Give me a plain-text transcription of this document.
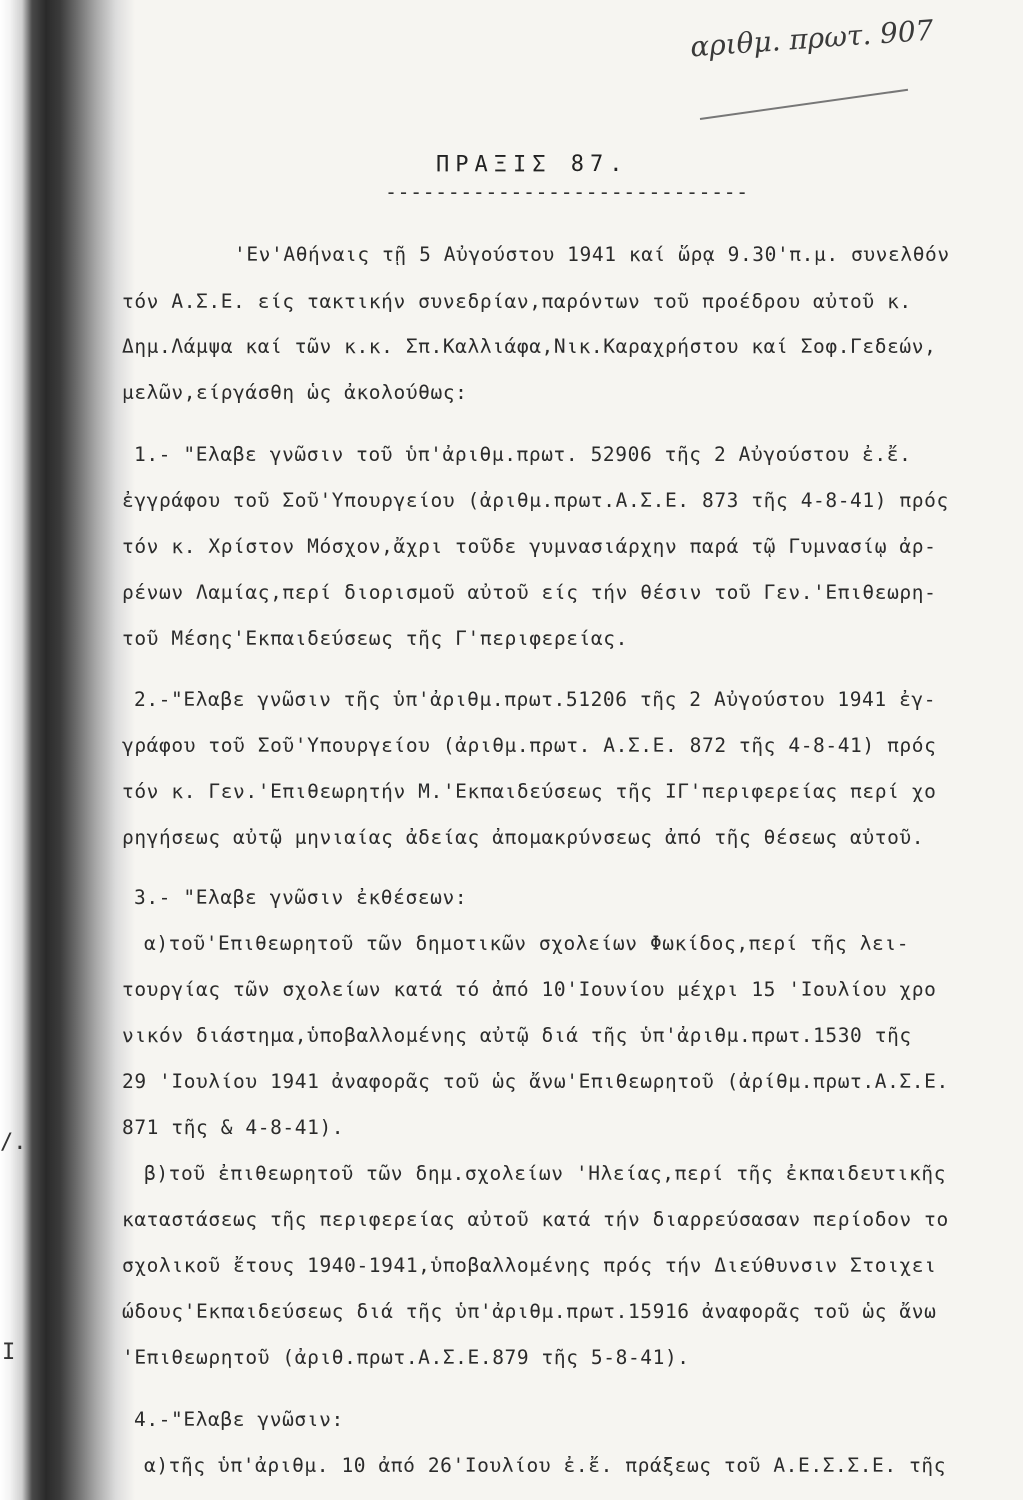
/.
I
αριθμ. πρωτ. 907
ΠΡΑΞΙΣ 87.
-----------------------------
'Εν'Αθήναις τῇ 5 Αὐγούστου 1941 καί ὥρᾳ 9.30'π.μ. συνελθόν
τόν Α.Σ.Ε. είς τακτικήν συνεδρίαν,παρόντων τοῦ προέδρου αὐτοῦ κ.
Δημ.Λάμψα καί τῶν κ.κ. Σπ.Καλλιάφα,Νικ.Καραχρήστου καί Σοφ.Γεδεών,
μελῶν,είργάσθη ὡς ἀκολούθως:
1.- "Ελαβε γνῶσιν τοῦ ὑπ'ἀριθμ.πρωτ. 52906 τῆς 2 Αὐγούστου ἐ.ἔ.
ἐγγράφου τοῦ Σοῦ'Υπουργείου (ἀριθμ.πρωτ.Α.Σ.Ε. 873 τῆς 4-8-41) πρός
τόν κ. Χρίστον Μόσχον,ἄχρι τοῦδε γυμνασιάρχην παρά τῷ Γυμνασίῳ ἀρ-
ρένων Λαμίας,περί διορισμοῦ αὐτοῦ είς τήν θέσιν τοῦ Γεν.'Επιθεωρη-
τοῦ Μέσης'Εκπαιδεύσεως τῆς Γ'περιφερείας.
2.-"Ελαβε γνῶσιν τῆς ὑπ'ἀριθμ.πρωτ.51206 τῆς 2 Αὐγούστου 1941 ἐγ-
γράφου τοῦ Σοῦ'Υπουργείου (ἀριθμ.πρωτ. Α.Σ.Ε. 872 τῆς 4-8-41) πρός
τόν κ. Γεν.'Επιθεωρητήν Μ.'Εκπαιδεύσεως τῆς ΙΓ'περιφερείας περί χο
ρηγήσεως αὐτῷ μηνιαίας ἀδείας ἀπομακρύνσεως ἀπό τῆς θέσεως αὐτοῦ.
3.- "Ελαβε γνῶσιν ἐκθέσεων:
α)τοῦ'Επιθεωρητοῦ τῶν δημοτικῶν σχολείων Φωκίδος,περί τῆς λει-
τουργίας τῶν σχολείων κατά τό ἀπό 10'Ιουνίου μέχρι 15 'Ιουλίου χρο
νικόν διάστημα,ὑποβαλλομένης αὐτῷ διά τῆς ὑπ'ἀριθμ.πρωτ.1530 τῆς
29 'Ιουλίου 1941 ἀναφορᾶς τοῦ ὡς ἄνω'Επιθεωρητοῦ (ἀρίθμ.πρωτ.Α.Σ.Ε.
871 τῆς & 4-8-41).
β)τοῦ ἐπιθεωρητοῦ τῶν δημ.σχολείων 'Ηλείας,περί τῆς ἐκπαιδευτικῆς
καταστάσεως τῆς περιφερείας αὐτοῦ κατά τήν διαρρεύσασαν περίοδον το
σχολικοῦ ἔτους 1940-1941,ὑποβαλλομένης πρός τήν Διεύθυνσιν Στοιχει
ώδους'Εκπαιδεύσεως διά τῆς ὑπ'ἀριθμ.πρωτ.15916 ἀναφορᾶς τοῦ ὡς ἄνω
'Επιθεωρητοῦ (ἀριθ.πρωτ.Α.Σ.Ε.879 τῆς 5-8-41).
4.-"Ελαβε γνῶσιν:
α)τῆς ὑπ'ἀριθμ. 10 ἀπό 26'Ιουλίου ἐ.ἔ. πράξεως τοῦ Α.Ε.Σ.Σ.Ε. τῆς
